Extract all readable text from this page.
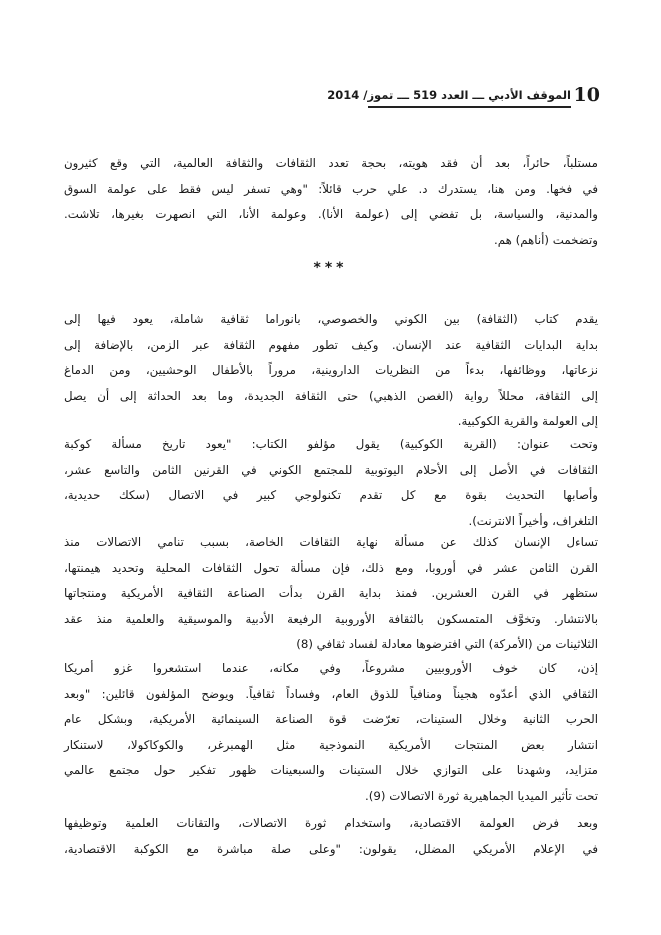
10
الموقف الأدبي ـــ العدد 519 ـــ تموز/ 2014
مستلباً، حائراً، بعد أن فقد هويته، بحجة تعدد الثقافات والثقافة العالمية، التي وقع كثيرون
في فخها. ومن هنا، يستدرك د. علي حرب قائلاً: "وهي تسفر ليس فقط على عولمة السوق
والمدنية، والسياسة، بل تفضي إلى (عولمة الأنا). وعولمة الأنا، التي انصهرت بغيرها، تلاشت.
وتضخمت (أناهم) هم.
***
يقدم كتاب (الثقافة) بين الكوني والخصوصي، بانوراما ثقافية شاملة، يعود فيها إلى
بداية البدايات الثقافية عند الإنسان. وكيف تطور مفهوم الثقافة عبر الزمن، بالإضافة إلى
نزعاتها، ووظائفها، بدءاً من النظريات الداروينية، مروراً بالأطفال الوحشيين، ومن الدماغ
إلى الثقافة، محللاً رواية (الغصن الذهبي) حتى الثقافة الجديدة، وما بعد الحداثة إلى أن يصل
إلى العولمة والقرية الكوكبية.
وتحت عنوان: (القرية الكوكبية) يقول مؤلفو الكتاب: "يعود تاريخ مسألة كوكبة
الثقافات في الأصل إلى الأحلام اليوتوبية للمجتمع الكوني في القرنين الثامن والتاسع عشر،
وأصابها التحديث بقوة مع كل تقدم تكنولوجي كبير في الاتصال (سكك حديدية،
التلغراف، وأخيراً الانترنت).
تساءل الإنسان كذلك عن مسألة نهاية الثقافات الخاصة، بسبب تنامي الاتصالات منذ
القرن الثامن عشر في أوروبا، ومع ذلك، فإن مسألة تحول الثقافات المحلية وتحديد هيمنتها،
ستظهر في القرن العشرين. فمنذ بداية القرن بدأت الصناعة الثقافية الأمريكية ومنتجاتها
بالانتشار. وتخوَّف المتمسكون بالثقافة الأوروبية الرفيعة الأدبية والموسيقية والعلمية منذ عقد
الثلاثينات من (الأمركة) التي افترضوها معادلة لفساد ثقافي (8)
إذن، كان خوف الأوروبيين مشروعاً، وفي مكانه، عندما استشعروا غزو أمريكا
الثقافي الذي أعدّوه هجيناً ومنافياً للذوق العام، وفساداً ثقافياً. ويوضح المؤلفون قائلين: "وبعد
الحرب الثانية وخلال الستينات، تعرّضت قوة الصناعة السينمائية الأمريكية، وبشكل عام
انتشار بعض المنتجات الأمريكية النموذجية مثل الهمبرغر، والكوكاكولا، لاستنكار
متزايد، وشهدنا على التوازي خلال الستينات والسبعينات ظهور تفكير حول مجتمع عالمي
تحت تأثير الميديا الجماهيرية ثورة الاتصالات (9).
وبعد فرض العولمة الاقتصادية، واستخدام ثورة الاتصالات، والتقانات العلمية وتوظيفها
في الإعلام الأمريكي المضلل، يقولون: "وعلى صلة مباشرة مع الكوكبة الاقتصادية،
